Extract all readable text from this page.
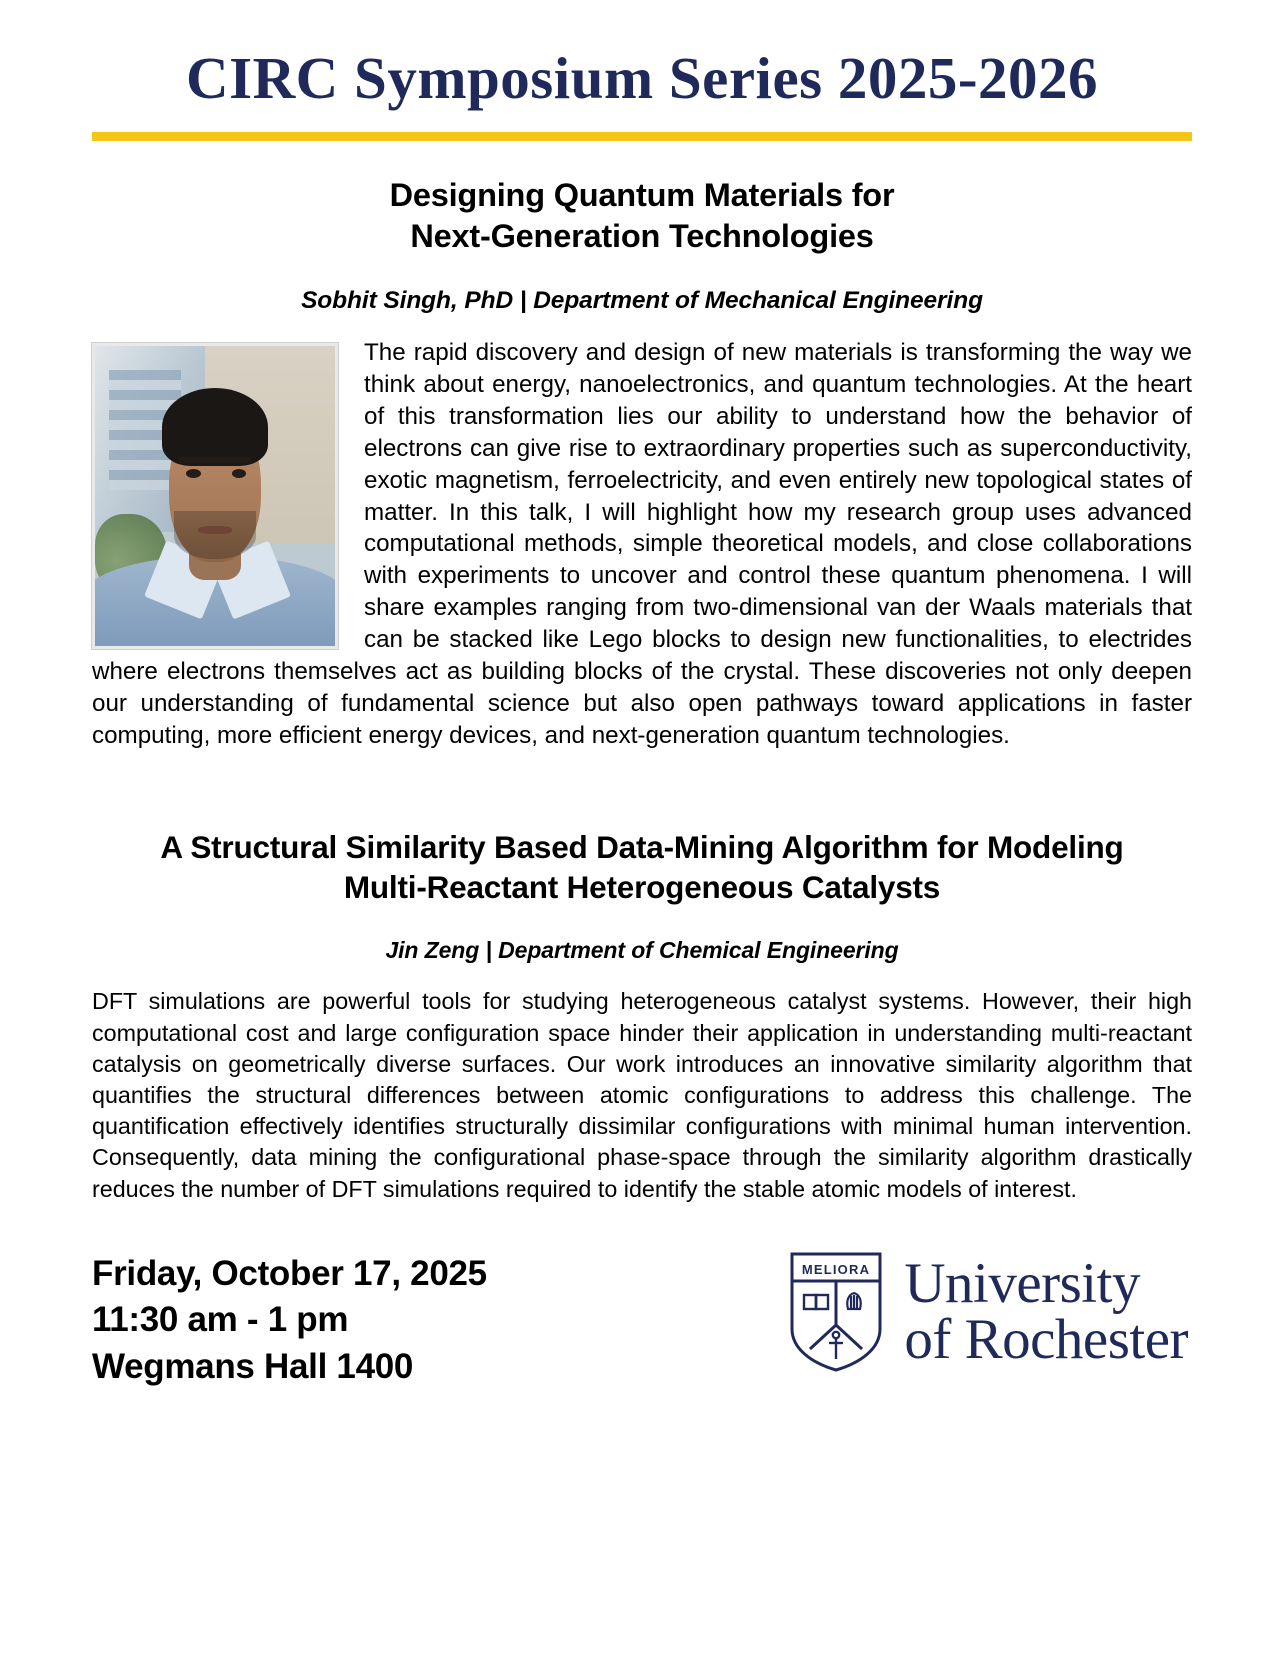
CIRC Symposium Series 2025-2026
Designing Quantum Materials for
Next-Generation Technologies
Sobhit Singh, PhD | Department of Mechanical Engineering
The rapid discovery and design of new materials is transforming the way we think about energy, nanoelectronics, and quantum technologies. At the heart of this transformation lies our ability to understand how the behavior of electrons can give rise to extraordinary properties such as superconductivity, exotic magnetism, ferroelectricity, and even entirely new topological states of matter. In this talk, I will highlight how my research group uses advanced computational methods, simple theoretical models, and close collaborations with experiments to uncover and control these quantum phenomena. I will share examples ranging from two-dimensional van der Waals materials that can be stacked like Lego blocks to design new functionalities, to electrides where electrons themselves act as building blocks of the crystal. These discoveries not only deepen our understanding of fundamental science but also open pathways toward applications in faster computing, more efficient energy devices, and next-generation quantum technologies.
A Structural Similarity Based Data-Mining Algorithm for Modeling
Multi-Reactant Heterogeneous Catalysts
Jin Zeng | Department of Chemical Engineering
DFT simulations are powerful tools for studying heterogeneous catalyst systems. However, their high computational cost and large configuration space hinder their application in understanding multi-reactant catalysis on geometrically diverse surfaces. Our work introduces an innovative similarity algorithm that quantifies the structural differences between atomic configurations to address this challenge. The quantification effectively identifies structurally dissimilar configurations with minimal human intervention. Consequently, data mining the configurational phase-space through the similarity algorithm drastically reduces the number of DFT simulations required to identify the stable atomic models of interest.
Friday, October 17, 2025
11:30 am - 1 pm
Wegmans Hall 1400
MELIORA University
of Rochester
